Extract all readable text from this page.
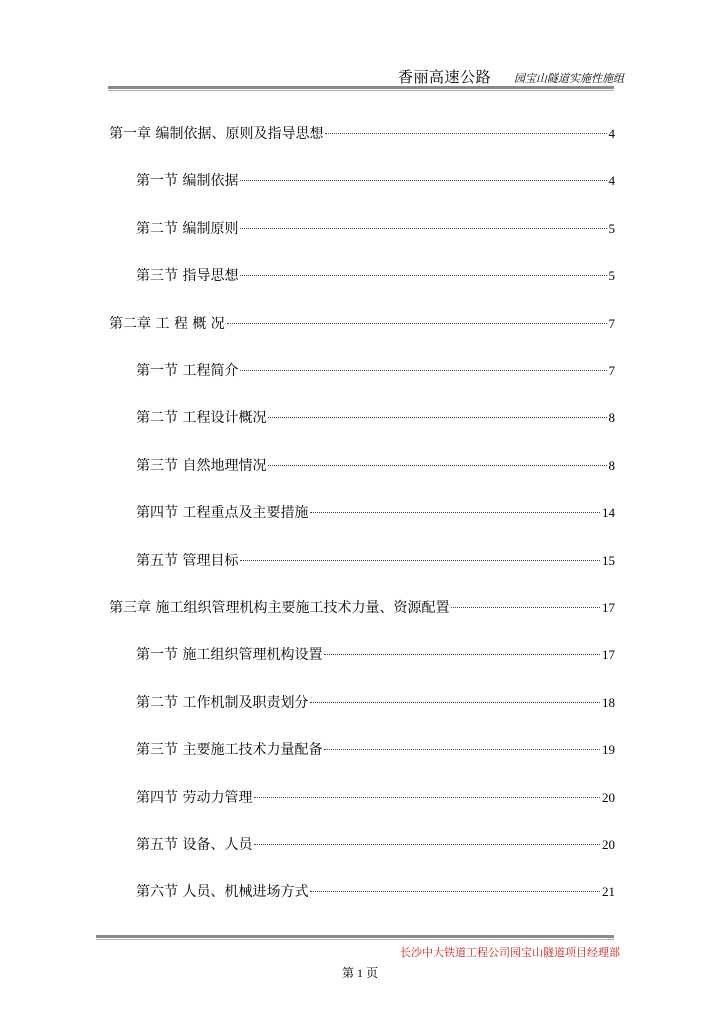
香丽高速公路 园宝山隧道实施性施组
第一章 编制依据、原则及指导思想	4
第一节 编制依据	4
第二节 编制原则	5
第三节 指导思想	5
第二章 工 程 概 况	7
第一节 工程简介	7
第二节 工程设计概况	8
第三节 自然地理情况	8
第四节 工程重点及主要措施	14
第五节 管理目标	15
第三章 施工组织管理机构主要施工技术力量、资源配置	17
第一节 施工组织管理机构设置	17
第二节 工作机制及职责划分	18
第三节 主要施工技术力量配备	19
第四节 劳动力管理	20
第五节 设备、人员	20
第六节 人员、机械进场方式	21
长沙中大铁道工程公司园宝山隧道项目经理部
第 1 页
